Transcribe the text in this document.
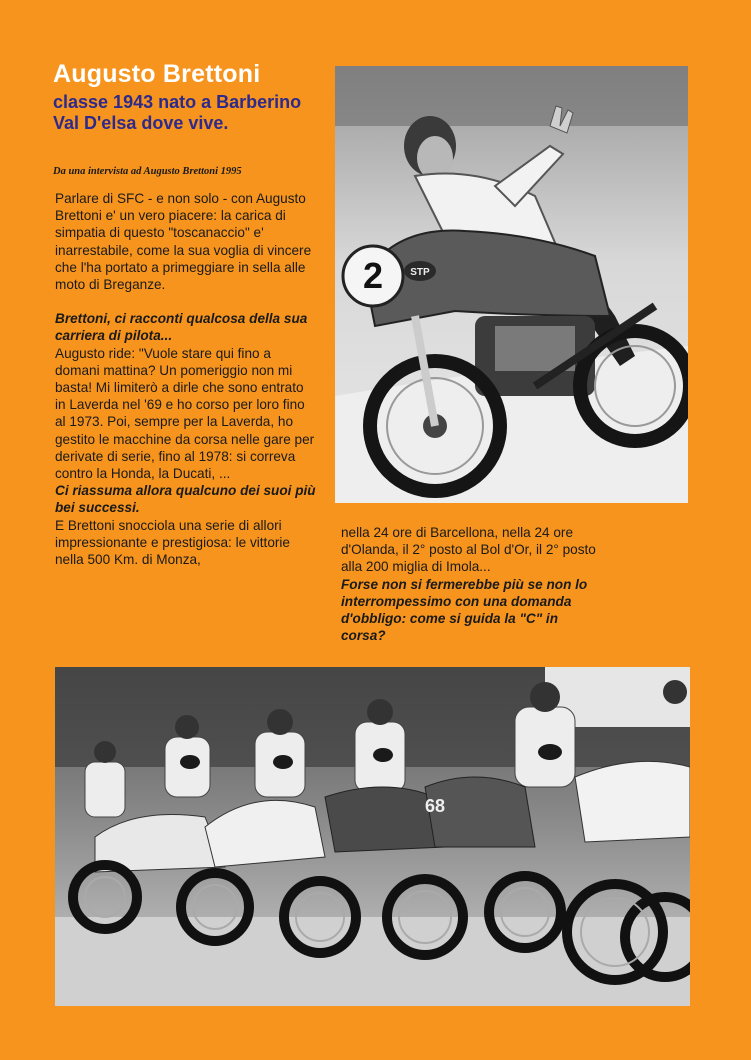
Augusto Brettoni
classe 1943 nato a Barberino Val D'elsa dove vive.

Da una intervista ad Augusto Brettoni 1995

Parlare di SFC - e non solo - con Augusto Brettoni e' un vero piacere: la carica di simpatia di questo "toscanaccio" e' inarrestabile, come la sua voglia di vincere che l'ha portato a primeggiare in sella alle moto di Breganze.

Brettoni, ci racconti qualcosa della sua carriera di pilota...

Augusto ride: "Vuole stare qui fino a domani mattina? Un pomeriggio non mi basta! Mi limiterò a dirle che sono entrato in Laverda nel '69 e ho corso per loro fino al 1973. Poi, sempre per la Laverda, ho gestito le macchine da corsa nelle gare per derivate di serie, fino al 1978: si correva contro la Honda, la Ducati, ...

Ci riassuma allora qualcuno dei suoi più bei successi.

E Brettoni snocciola una serie di allori impressionante e prestigiosa: le vittorie nella 500 Km. di Monza,

nella 24 ore di Barcellona, nella 24 ore d'Olanda, il 2° posto al Bol d'Or, il 2° posto alla 200 miglia di Imola...

Forse non si fermerebbe più se non lo interrompessimo con una domanda d'obbligo: come si guida la "C" in corsa?

2	STP
68
